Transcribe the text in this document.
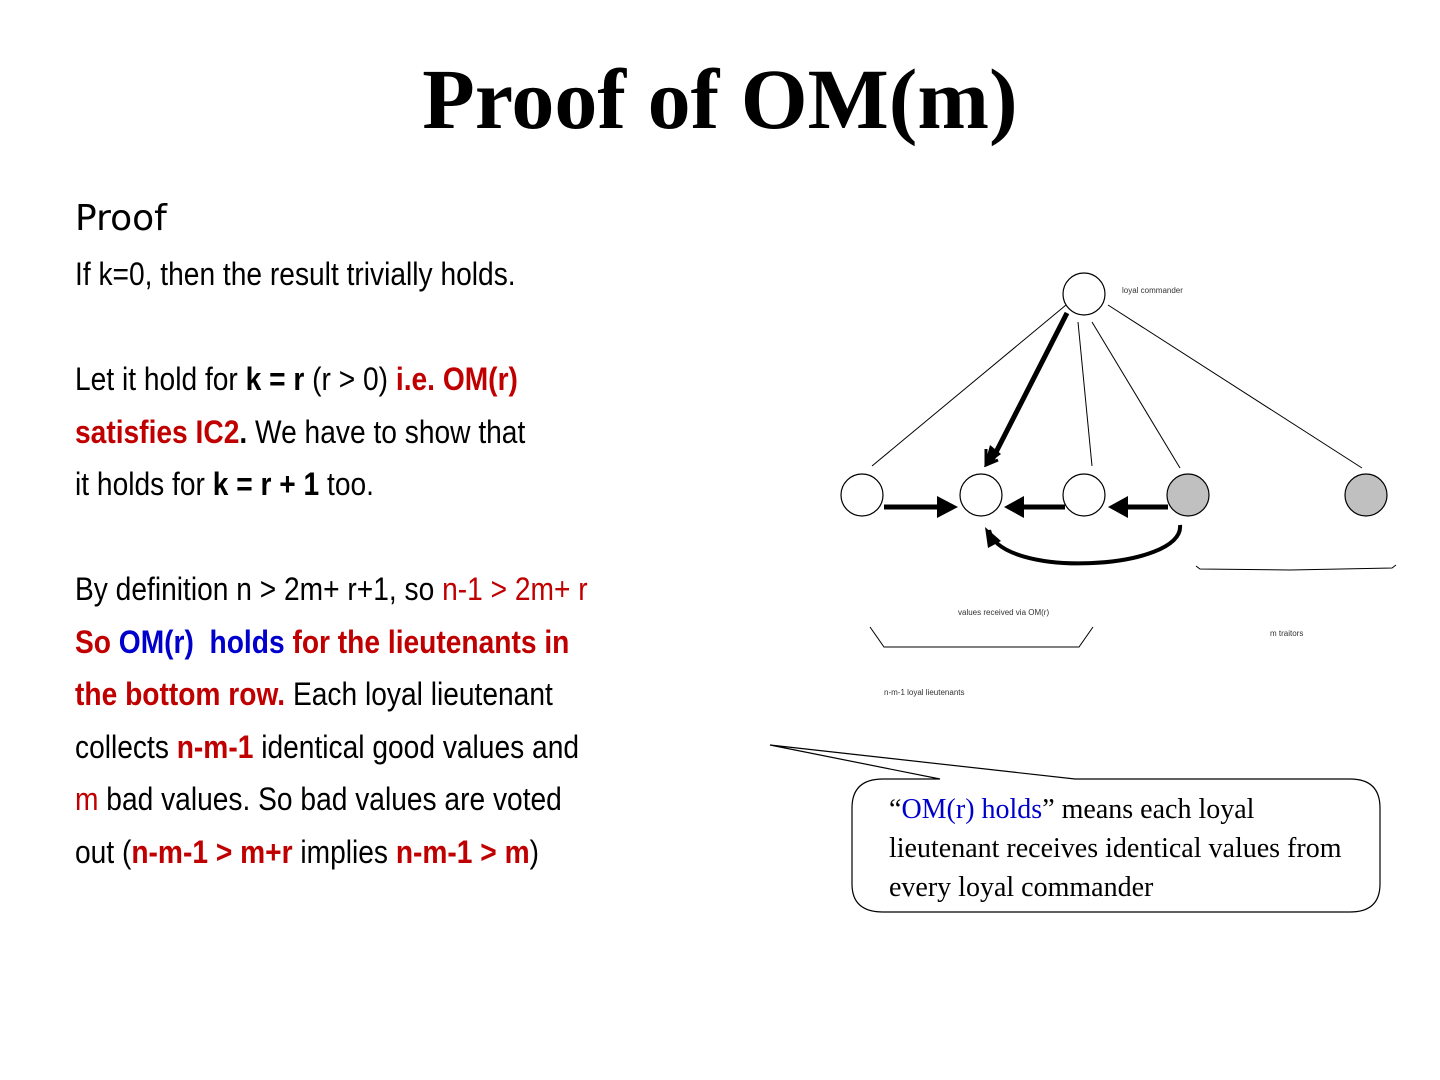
Proof of OM(m)
Proof
If k=0, then the result trivially holds.
Let it hold for k = r (r > 0) i.e. OM(r)
satisfies IC2. We have to show that
it holds for k = r + 1 too.
By definition n > 2m+ r+1, so n-1 > 2m+ r
So OM(r) holds for the lieutenants in
the bottom row. Each loyal lieutenant
collects n-m-1 identical good values and
m bad values. So bad values are voted
out (n-m-1 > m+r implies n-m-1 > m)
loyal commander
m traitors
values received via OM(r)
n-m-1 loyal lieutenants
“OM(r) holds” means each loyal lieutenant receives identical values from every loyal commander
